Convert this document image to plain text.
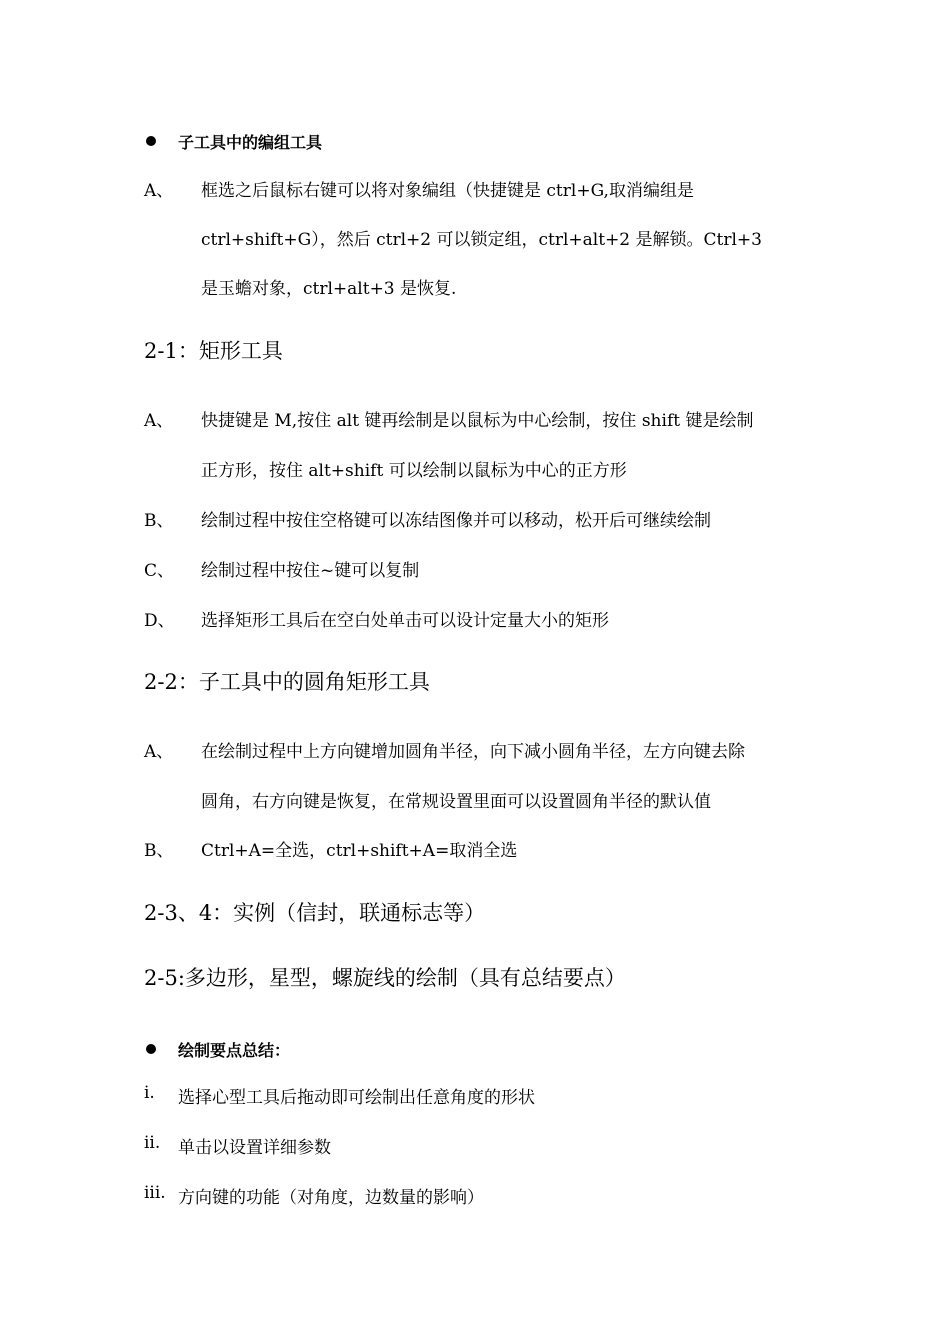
子工具中的编组工具
A、 框选之后鼠标右键可以将对象编组（快捷键是 ctrl+G,取消编组是
ctrl+shift+G），然后 ctrl+2 可以锁定组，ctrl+alt+2 是解锁。Ctrl+3
是玉蟾对象，ctrl+alt+3 是恢复.
2-1：矩形工具
A、 快捷键是 M,按住 alt 键再绘制是以鼠标为中心绘制，按住 shift 键是绘制
正方形，按住 alt+shift 可以绘制以鼠标为中心的正方形
B、 绘制过程中按住空格键可以冻结图像并可以移动，松开后可继续绘制
C、 绘制过程中按住~键可以复制
D、 选择矩形工具后在空白处单击可以设计定量大小的矩形
2-2：子工具中的圆角矩形工具
A、 在绘制过程中上方向键增加圆角半径，向下减小圆角半径，左方向键去除
圆角，右方向键是恢复，在常规设置里面可以设置圆角半径的默认值
B、 Ctrl+A=全选，ctrl+shift+A=取消全选
2-3、4：实例（信封，联通标志等）
2-5:多边形，星型，螺旋线的绘制（具有总结要点）
绘制要点总结：
i. 选择心型工具后拖动即可绘制出任意角度的形状
ii. 单击以设置详细参数
iii. 方向键的功能（对角度，边数量的影响）
